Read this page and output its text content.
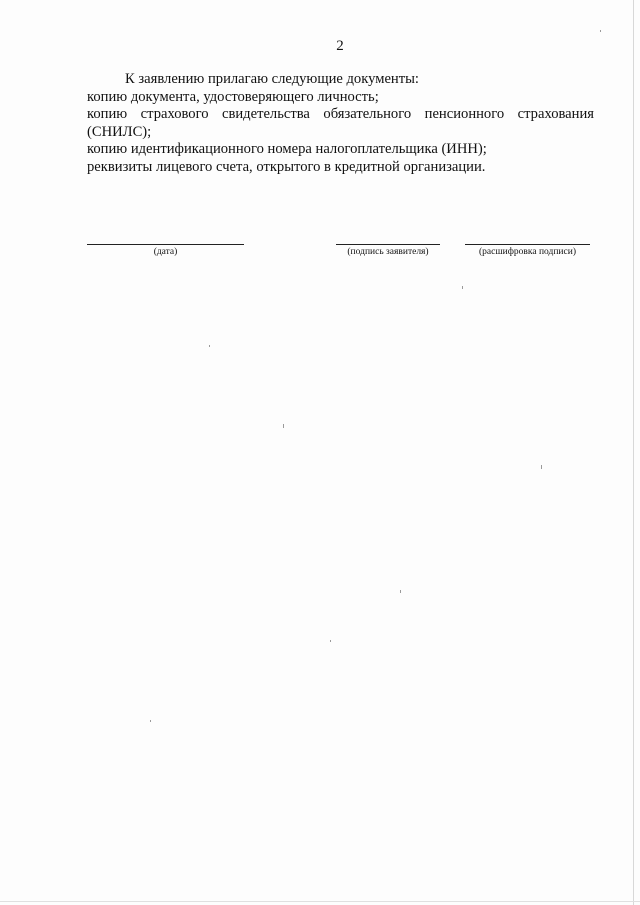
2

К заявлению прилагаю следующие документы:

копию документа, удостоверяющего личность;

копию страхового свидетельства обязательного пенсионного страхования

(СНИЛС);

копию идентификационного номера налогоплательщика (ИНН);

реквизиты лицевого счета, открытого в кредитной организации.

(дата)	(подпись заявителя)	(расшифровка подписи)
